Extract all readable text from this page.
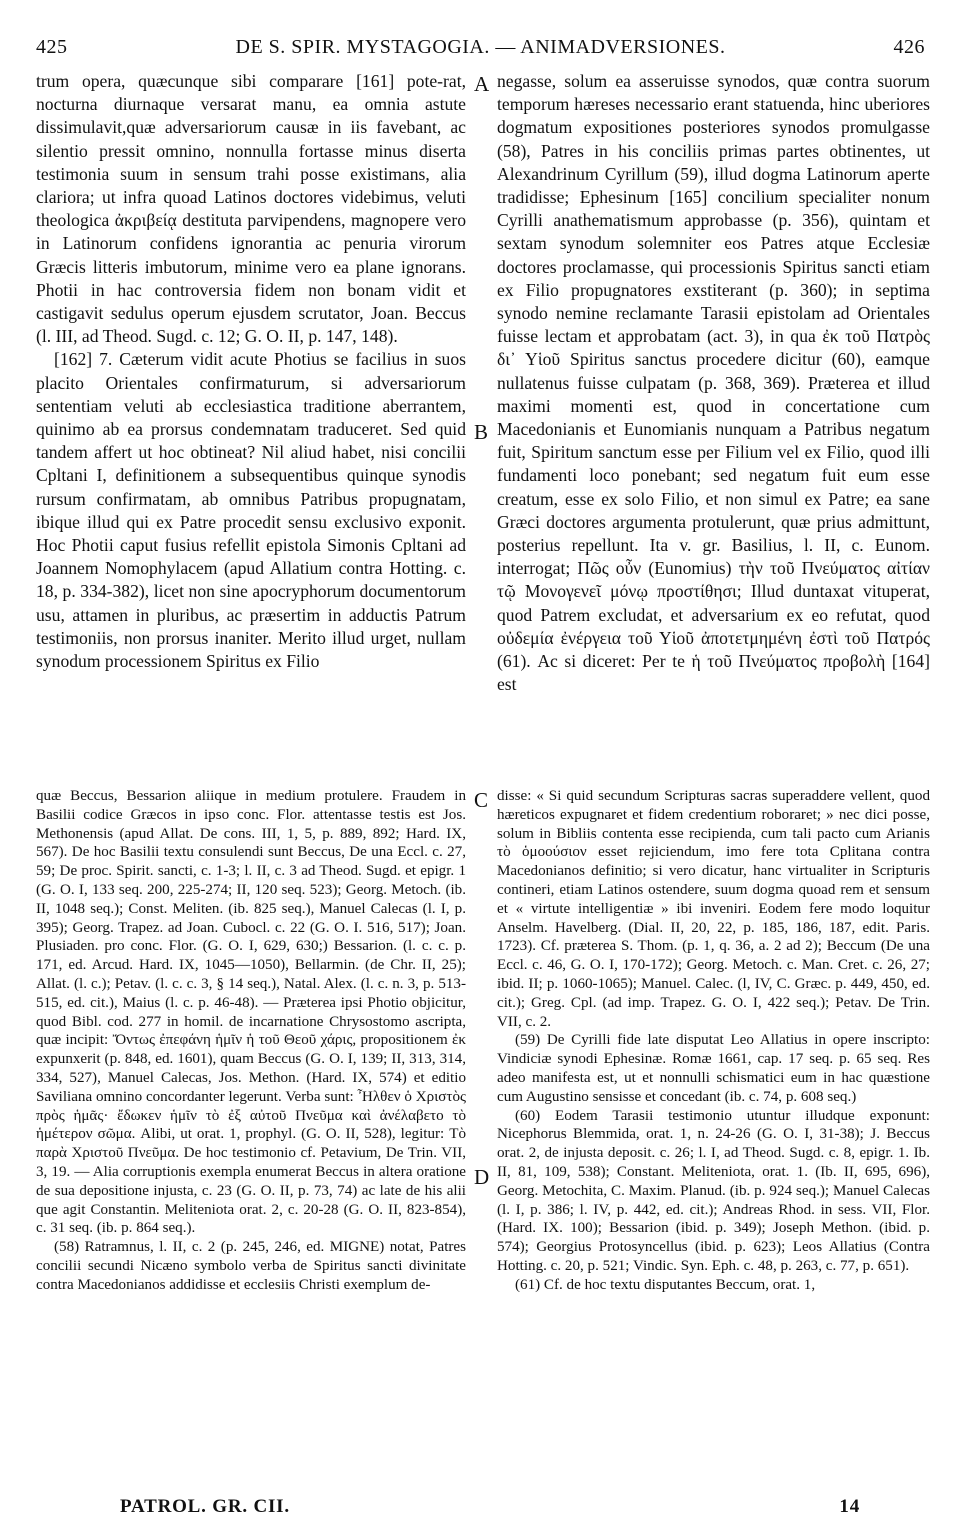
425	DE S. SPIR. MYSTAGOGIA. — ANIMADVERSIONES.	426

trum opera, quæcunque sibi comparare [161] pote-rat, nocturna diurnaque versarat manu, ea omnia astute dissimulavit,quæ adversariorum causæ in iis favebant, ac silentio pressit omnino, nonnulla fortasse minus diserta testimonia suum in sensum trahi posse existimans, alia clariora; ut infra quoad Latinos doctores videbimus, veluti theologica ἀκριβείᾳ destituta parvipendens, magnopere vero in Latinorum confidens ignorantia ac penuria virorum Græcis litteris imbutorum, minime vero ea plane ignorans. Photii in hac controversia fidem non bonam vidit et castigavit sedulus operum ejusdem scrutator, Joan. Beccus (l. III, ad Theod. Sugd. c. 12; G. O. II, p. 147, 148).

[162] 7. Cæterum vidit acute Photius se facilius in suos placito Orientales confirmaturum, si adversariorum sententiam veluti ab ecclesiastica traditione aberrantem, quinimo ab ea prorsus condemnatam traduceret. Sed quid tandem affert ut hoc obtineat? Nil aliud habet, nisi concilii Cpltani I, definitionem a subsequentibus quinque synodis rursum confirmatam, ab omnibus Patribus propugnatam, ibique illud qui ex Patre procedit sensu exclusivo exponit. Hoc Photii caput fusius refellit epistola Simonis Cpltani ad Joannem Nomophylacem (apud Allatium contra Hotting. c. 18, p. 334-382), licet non sine apocryphorum documentorum usu, attamen in pluribus, ac præsertim in adductis Patrum testimoniis, non prorsus inaniter. Merito illud urget, nullam synodum processionem Spiritus ex Filio

negasse, solum ea asseruisse synodos, quæ contra suorum temporum hæreses necessario erant statuenda, hinc uberiores dogmatum expositiones posteriores synodos promulgasse (58), Patres in his conciliis primas partes obtinentes, ut Alexandrinum Cyrillum (59), illud dogma Latinorum aperte tradidisse; Ephesinum [165] concilium specialiter nonum Cyrilli anathematismum approbasse (p. 356), quintam et sextam synodum solemniter eos Patres atque Ecclesiæ doctores proclamasse, qui processionis Spiritus sancti etiam ex Filio propugnatores exstiterant (p. 360); in septima synodo nemine reclamante Tarasii epistolam ad Orientales fuisse lectam et approbatam (act. 3), in qua ἐκ τοῦ Πατρὸς δι᾽ Υἱοῦ Spiritus sanctus procedere dicitur (60), eamque nullatenus fuisse culpatam (p. 368, 369). Præterea et illud maximi momenti est, quod in concertatione cum Macedonianis et Eunomianis nunquam a Patribus negatum fuit, Spiritum sanctum esse per Filium vel ex Filio, quod illi fundamenti loco ponebant; sed negatum fuit eum esse creatum, esse ex solo Filio, et non simul ex Patre; ea sane Græci doctores argumenta protulerunt, quæ prius admittunt, posterius repellunt. Ita v. gr. Basilius, l. II, c. Eunom. interrogat; Πῶς οὖν (Eunomius) τὴν τοῦ Πνεύματος αἰτίαν τῷ Μονογενεῖ μόνῳ προστίθησι; Illud duntaxat vituperat, quod Patrem excludat, et adversarium ex eo refutat, quod οὐδεμία ἐνέργεια τοῦ Υἱοῦ ἀποτετμημένη ἐστὶ τοῦ Πατρός (61). Ac si diceret: Per te ἡ τοῦ Πνεύματος προβολὴ [164] est

A
B
C
D

quæ Beccus, Bessarion aliique in medium protulere. Fraudem in Basilii codice Græcos in ipso conc. Flor. attentasse testis est Jos. Methonensis (apud Allat. De cons. III, 1, 5, p. 889, 892; Hard. IX, 567). De hoc Basilii textu consulendi sunt Beccus, De una Eccl. c. 27, 59; De proc. Spirit. sancti, c. 1-3; l. II, c. 3 ad Theod. Sugd. et epigr. 1 (G. O. I, 133 seq. 200, 225-274; II, 120 seq. 523); Georg. Metoch. (ib. II, 1048 seq.); Const. Meliten. (ib. 825 seq.), Manuel Calecas (l. I, p. 395); Georg. Trapez. ad Joan. Cubocl. c. 22 (G. O. I. 516, 517); Joan. Plusiaden. pro conc. Flor. (G. O. I, 629, 630;) Bessarion. (l. c. c. p. 171, ed. Arcud. Hard. IX, 1045—1050), Bellarmin. (de Chr. II, 25); Allat. (l. c.); Petav. (l. c. c. 3, § 14 seq.), Natal. Alex. (l. c. n. 3, p. 513-515, ed. cit.), Maius (l. c. p. 46-48). — Præterea ipsi Photio objicitur, quod Bibl. cod. 277 in homil. de incarnatione Chrysostomo ascripta, quæ incipit: Ὄντως ἐπεφάνη ἡμῖν ἡ τοῦ Θεοῦ χάρις, propositionem ἐκ expunxerit (p. 848, ed. 1601), quam Beccus (G. O. I, 139; II, 313, 314, 334, 527), Manuel Calecas, Jos. Methon. (Hard. IX, 574) et editio Saviliana omnino concordanter legerunt. Verba sunt: Ἦλθεν ὁ Χριστὸς πρὸς ἡμᾶς· ἔδωκεν ἡμῖν τὸ ἐξ αὐτοῦ Πνεῦμα καὶ ἀνέλαβετο τὸ ἡμέτερον σῶμα. Alibi, ut orat. 1, prophyl. (G. O. II, 528), legitur: Τὸ παρὰ Χριστοῦ Πνεῦμα. De hoc testimonio cf. Petavium, De Trin. VII, 3, 19. — Alia corruptionis exempla enumerat Beccus in altera oratione de sua depositione injusta, c. 23 (G. O. II, p. 73, 74) ac late de his alii que agit Constantin. Meliteniota orat. 2, c. 20-28 (G. O. II, 823-854), c. 31 seq. (ib. p. 864 seq.).

(58) Ratramnus, l. II, c. 2 (p. 245, 246, ed. MIGNE) notat, Patres concilii secundi Nicæno symbolo verba de Spiritus sancti divinitate contra Macedonianos addidisse et ecclesiis Christi exemplum de-

disse: « Si quid secundum Scripturas sacras superaddere vellent, quod hæreticos expugnaret et fidem credentium roboraret; » nec dici posse, solum in Bibliis contenta esse recipienda, cum tali pacto cum Arianis τὸ ὁμοούσιον esset rejiciendum, imo fere tota Cplitana contra Macedonianos definitio; si vero dicatur, hanc virtualiter in Scripturis contineri, etiam Latinos ostendere, suum dogma quoad rem et sensum et « virtute intelligentiæ » ibi inveniri. Eodem fere modo loquitur Anselm. Havelberg. (Dial. II, 20, 22, p. 185, 186, 187, edit. Paris. 1723). Cf. præterea S. Thom. (p. 1, q. 36, a. 2 ad 2); Beccum (De una Eccl. c. 46, G. O. I, 170-172); Georg. Metoch. c. Man. Cret. c. 26, 27; ibid. II; p. 1060-1065); Manuel. Calec. (l, IV, C. Græc. p. 449, 450, ed. cit.); Greg. Cpl. (ad imp. Trapez. G. O. I, 422 seq.); Petav. De Trin. VII, c. 2.

(59) De Cyrilli fide late disputat Leo Allatius in opere inscripto: Vindiciæ synodi Ephesinæ. Romæ 1661, cap. 17 seq. p. 65 seq. Res adeo manifesta est, ut et nonnulli schismatici eum in hac quæstione cum Augustino sensisse et concedant (ib. c. 74, p. 608 seq.)

(60) Eodem Tarasii testimonio utuntur illudque exponunt: Nicephorus Blemmida, orat. 1, n. 24-26 (G. O. I, 31-38); J. Beccus orat. 2, de injusta deposit. c. 26; l. I, ad Theod. Sugd. c. 8, epigr. 1. Ib. II, 81, 109, 538); Constant. Meliteniota, orat. 1. (Ib. II, 695, 696), Georg. Metochita, C. Maxim. Planud. (ib. p. 924 seq.); Manuel Calecas (l. I, p. 386; l. IV, p. 442, ed. cit.); Andreas Rhod. in sess. VII, Flor. (Hard. IX. 100); Bessarion (ibid. p. 349); Joseph Methon. (ibid. p. 574); Georgius Protosyncellus (ibid. p. 623); Leos Allatius (Contra Hotting. c. 20, p. 521; Vindic. Syn. Eph. c. 48, p. 263, c. 77, p. 651).

(61) Cf. de hoc textu disputantes Beccum, orat. 1,

PATROL. GR. CII.	14
